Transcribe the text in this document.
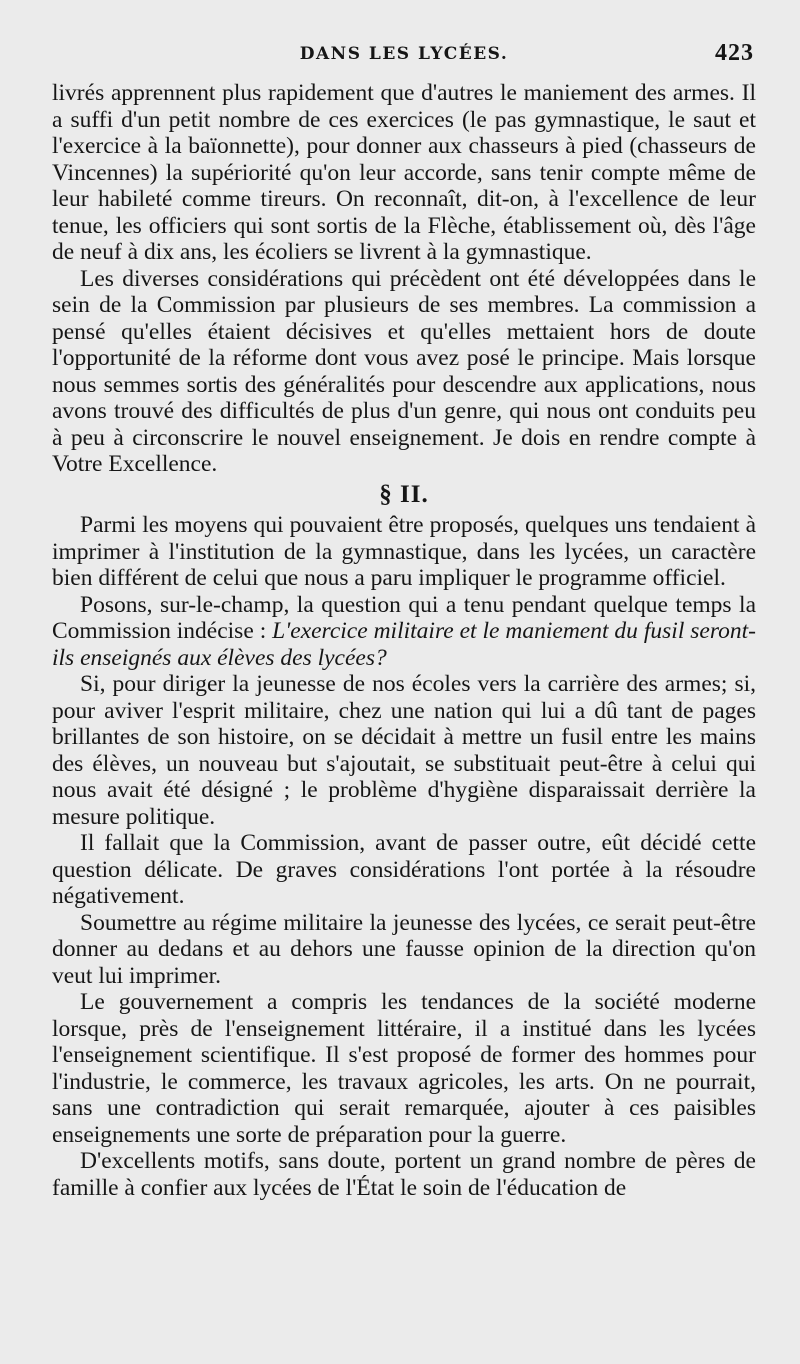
DANS LES LYCÉES.	423

livrés apprennent plus rapidement que d'autres le maniement des armes. Il a suffi d'un petit nombre de ces exercices (le pas gymnastique, le saut et l'exercice à la baïonnette), pour donner aux chasseurs à pied (chasseurs de Vincennes) la supériorité qu'on leur accorde, sans tenir compte même de leur habileté comme tireurs. On reconnaît, dit-on, à l'excellence de leur tenue, les officiers qui sont sortis de la Flèche, établissement où, dès l'âge de neuf à dix ans, les écoliers se livrent à la gymnastique.

Les diverses considérations qui précèdent ont été développées dans le sein de la Commission par plusieurs de ses membres. La commission a pensé qu'elles étaient décisives et qu'elles mettaient hors de doute l'opportunité de la réforme dont vous avez posé le principe. Mais lorsque nous semmes sortis des généralités pour descendre aux applications, nous avons trouvé des difficultés de plus d'un genre, qui nous ont conduits peu à peu à circonscrire le nouvel enseignement. Je dois en rendre compte à Votre Excellence.

§ II.

Parmi les moyens qui pouvaient être proposés, quelques uns tendaient à imprimer à l'institution de la gymnastique, dans les lycées, un caractère bien différent de celui que nous a paru impliquer le programme officiel.

Posons, sur-le-champ, la question qui a tenu pendant quelque temps la Commission indécise : L'exercice militaire et le maniement du fusil seront-ils enseignés aux élèves des lycées?

Si, pour diriger la jeunesse de nos écoles vers la carrière des armes; si, pour aviver l'esprit militaire, chez une nation qui lui a dû tant de pages brillantes de son histoire, on se décidait à mettre un fusil entre les mains des élèves, un nouveau but s'ajoutait, se substituait peut-être à celui qui nous avait été désigné ; le problème d'hygiène disparaissait derrière la mesure politique.

Il fallait que la Commission, avant de passer outre, eût décidé cette question délicate. De graves considérations l'ont portée à la résoudre négativement.

Soumettre au régime militaire la jeunesse des lycées, ce serait peut-être donner au dedans et au dehors une fausse opinion de la direction qu'on veut lui imprimer.

Le gouvernement a compris les tendances de la société moderne lorsque, près de l'enseignement littéraire, il a institué dans les lycées l'enseignement scientifique. Il s'est proposé de former des hommes pour l'industrie, le commerce, les travaux agricoles, les arts. On ne pourrait, sans une contradiction qui serait remarquée, ajouter à ces paisibles enseignements une sorte de préparation pour la guerre.

D'excellents motifs, sans doute, portent un grand nombre de pères de famille à confier aux lycées de l'État le soin de l'éducation de
